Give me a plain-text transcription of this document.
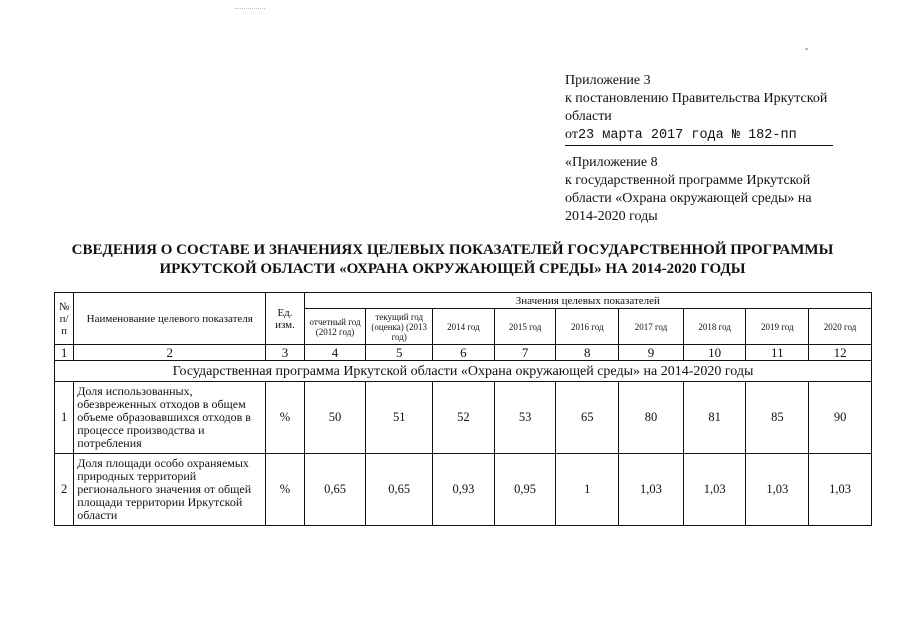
Приложение 3
к постановлению Правительства Иркутской
области
от23 марта 2017 года № 182-пп
«Приложение 8
к государственной программе Иркутской
области «Охрана окружающей среды» на
2014-2020 годы
СВЕДЕНИЯ О СОСТАВЕ И ЗНАЧЕНИЯХ ЦЕЛЕВЫХ ПОКАЗАТЕЛЕЙ ГОСУДАРСТВЕННОЙ ПРОГРАММЫ
ИРКУТСКОЙ ОБЛАСТИ «ОХРАНА ОКРУЖАЮЩЕЙ СРЕДЫ» НА 2014-2020 ГОДЫ
№ п/ п	Наименование целевого показателя	Ед. изм.	Значения целевых показателей								
			отчетный год (2012 год)	текущий год (оценка) (2013 год)	2014 год	2015 год	2016 год	2017 год	2018 год	2019 год	2020 год
1	2	3	4	5	6	7	8	9	10	11	12
Государственная программа Иркутской области «Охрана окружающей среды» на 2014-2020 годы											
1	Доля использованных, обезвреженных отходов в общем объеме образовавшихся отходов в процессе производства и потребления	%	50	51	52	53	65	80	81	85	90
2	Доля площади особо охраняемых природных территорий регионального значения от общей площади территории Иркутской области	%	0,65	0,65	0,93	0,95	1	1,03	1,03	1,03	1,03
